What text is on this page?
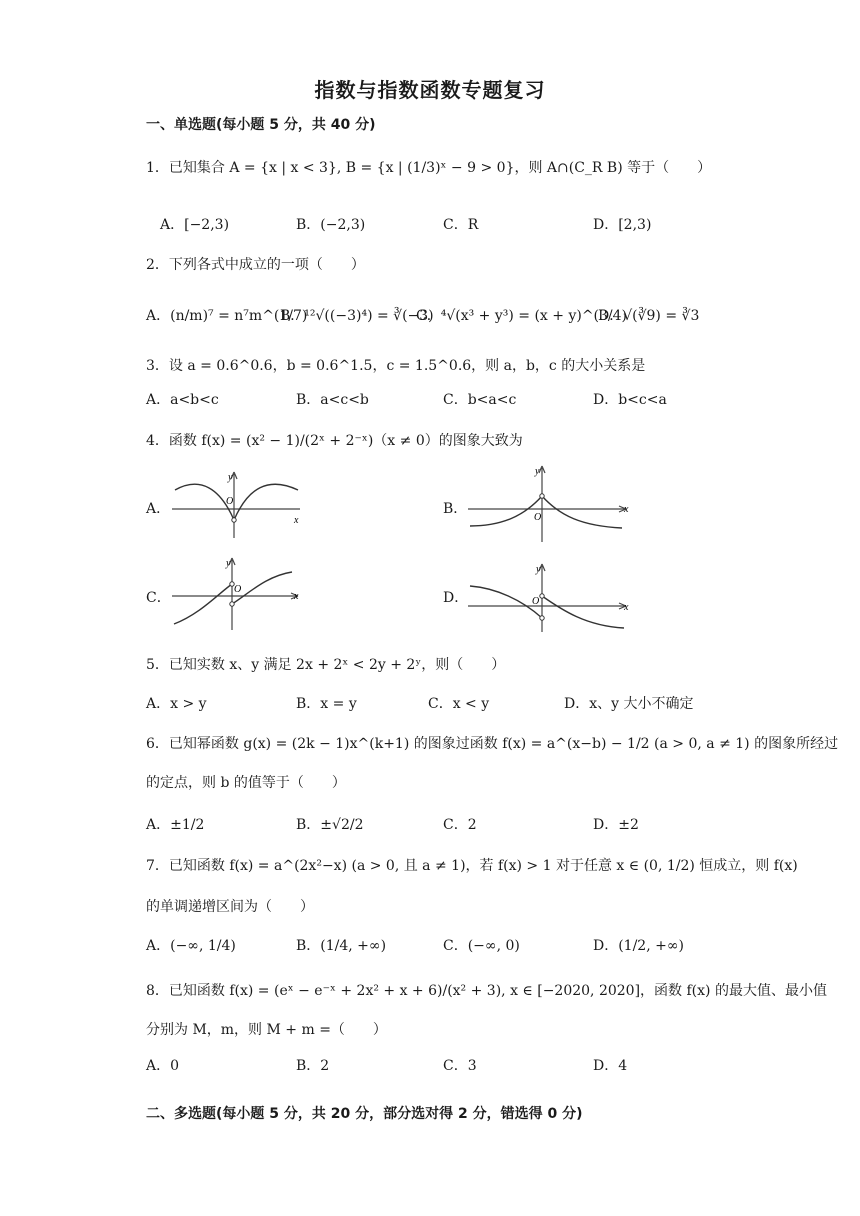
指数与指数函数专题复习
一、单选题(每小题 5 分，共 40 分)
1．已知集合 A = {x | x < 3}, B = {x | (1/3)ˣ − 9 > 0}，则 A∩(C_R B) 等于（　　）
A．[−2,3)	B．(−2,3)	C．R	D．[2,3)
2．下列各式中成立的一项（　　）
A．(n/m)⁷ = n⁷m^(1/7)
B．¹²√((−3)⁴) = ∛(−3)
C．⁴√(x³ + y³) = (x + y)^(3/4)
D．√(∛9) = ∛3
3．设 a = 0.6^0.6，b = 0.6^1.5，c = 1.5^0.6，则 a，b，c 的大小关系是
A．a<b<c	B．a<c<b	C．b<a<c	D．b<c<a
4．函数 f(x) = (x² − 1)/(2ˣ + 2⁻ˣ)（x ≠ 0）的图象大致为
A．
y
O
x
B．
y
O
x
C．
y
O
x	D．
y
O
x
5．已知实数 x、y 满足 2x + 2ˣ < 2y + 2ʸ，则（　　）
A．x > y	B．x = y	C．x < y	D．x、y 大小不确定
6．已知幂函数 g(x) = (2k − 1)x^(k+1) 的图象过函数 f(x) = a^(x−b) − 1/2 (a > 0, a ≠ 1) 的图象所经过
的定点，则 b 的值等于（　　）
A．±1/2	B．±√2/2	C．2	D．±2
7．已知函数 f(x) = a^(2x²−x) (a > 0, 且 a ≠ 1)，若 f(x) > 1 对于任意 x ∈ (0, 1/2) 恒成立，则 f(x)
的单调递增区间为（　　）
A．(−∞, 1/4)	B．(1/4, +∞)	C．(−∞, 0)	D．(1/2, +∞)
8．已知函数 f(x) = (eˣ − e⁻ˣ + 2x² + x + 6)/(x² + 3), x ∈ [−2020, 2020]，函数 f(x) 的最大值、最小值
分别为 M，m，则 M + m =（　　）
A．0	B．2	C．3	D．4
二、多选题(每小题 5 分，共 20 分，部分选对得 2 分，错选得 0 分)
